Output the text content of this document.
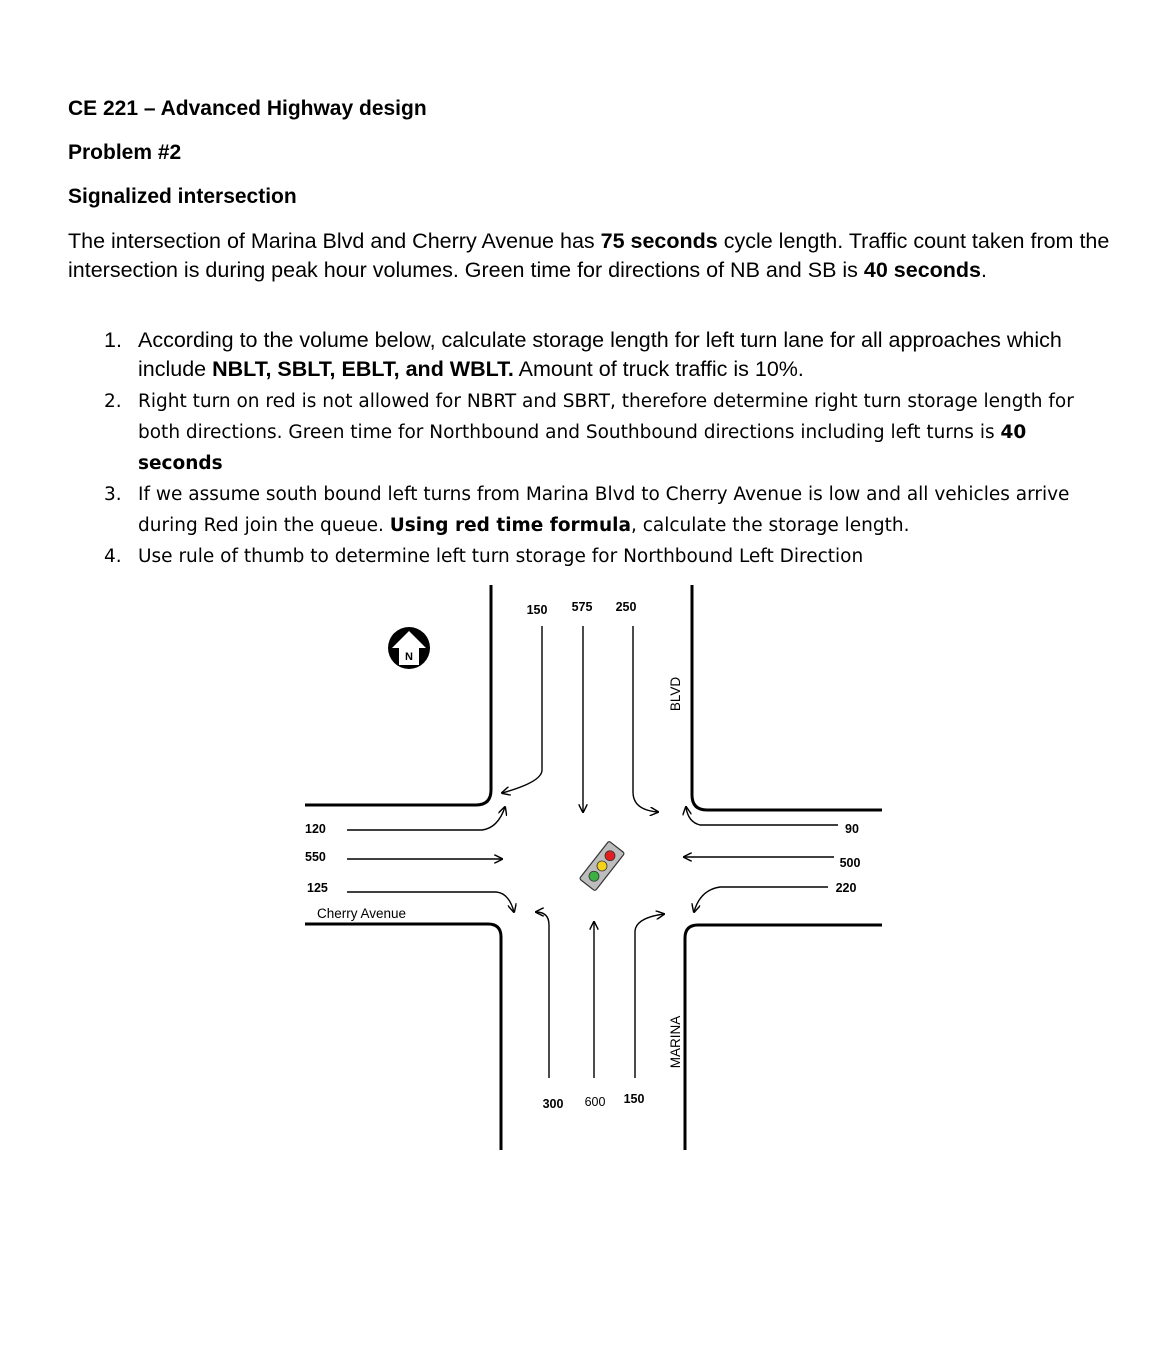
CE 221 – Advanced Highway design
Problem #2
Signalized intersection

The intersection of Marina Blvd and Cherry Avenue has 75 seconds cycle length. Traffic count taken from the intersection is during peak hour volumes. Green time for directions of NB and SB is 40 seconds.

1. According to the volume below, calculate storage length for left turn lane for all approaches which include NBLT, SBLT, EBLT, and WBLT. Amount of truck traffic is 10%.
2. Right turn on red is not allowed for NBRT and SBRT, therefore determine right turn storage length for both directions. Green time for Northbound and Southbound directions including left turns is 40 seconds
3. If we assume south bound left turns from Marina Blvd to Cherry Avenue is low and all vehicles arrive during Red join the queue. Using red time formula, calculate the storage length.
4. Use rule of thumb to determine left turn storage for Northbound Left Direction
N
150 575 250
120
550
125
90
500
220
300 600 150
Cherry Avenue
BLVD
MARINA
